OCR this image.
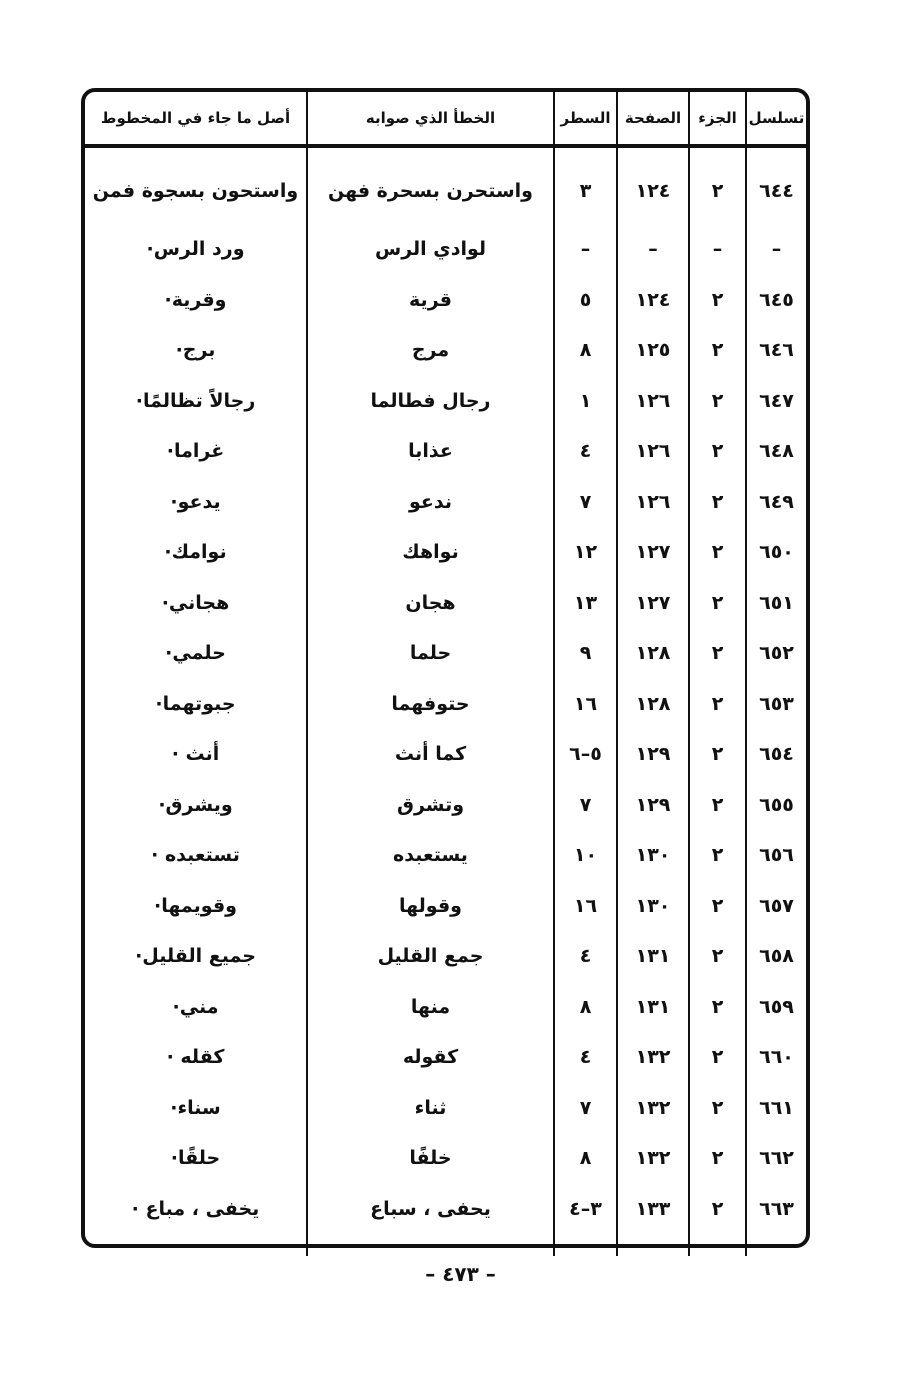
تسلسل	الجزء	الصفحة	السطر	الخطأ الذي صوابه	أصل ما جاء في المخطوط
٦٤٤	٢	١٢٤	٣	واستحرن بسحرة فهن	واستحون بسجوة فمن
–	–	–	–	لوادي الرس	ورد الرس·
٦٤٥	٢	١٢٤	٥	قرية	وقرية·
٦٤٦	٢	١٢٥	٨	مرج	برج·
٦٤٧	٢	١٢٦	١	رجال فطالما	رجالاً تظالمًا·
٦٤٨	٢	١٢٦	٤	عذابا	غراما·
٦٤٩	٢	١٢٦	٧	ندعو	يدعو·
٦٥٠	٢	١٢٧	١٢	نواهك	نوامك·
٦٥١	٢	١٢٧	١٣	هجان	هجاني·
٦٥٢	٢	١٢٨	٩	حلما	حلمي·
٦٥٣	٢	١٢٨	١٦	حتوفهما	جبوتهما·
٦٥٤	٢	١٢٩	٥–٦	كما أنث	أنث ·
٦٥٥	٢	١٢٩	٧	وتشرق	ويشرق·
٦٥٦	٢	١٣٠	١٠	يستعبده	تستعبده ·
٦٥٧	٢	١٣٠	١٦	وقولها	وقويمها·
٦٥٨	٢	١٣١	٤	جمع القليل	جميع القليل·
٦٥٩	٢	١٣١	٨	منها	مني·
٦٦٠	٢	١٣٢	٤	كقوله	كقله ·
٦٦١	٢	١٣٢	٧	ثناء	سناء·
٦٦٢	٢	١٣٢	٨	خلفًا	حلقًا·
٦٦٣	٢	١٣٣	٣–٤	يحفى ، سباع	يخفى ، مباع ·

– ٤٧٣ –
